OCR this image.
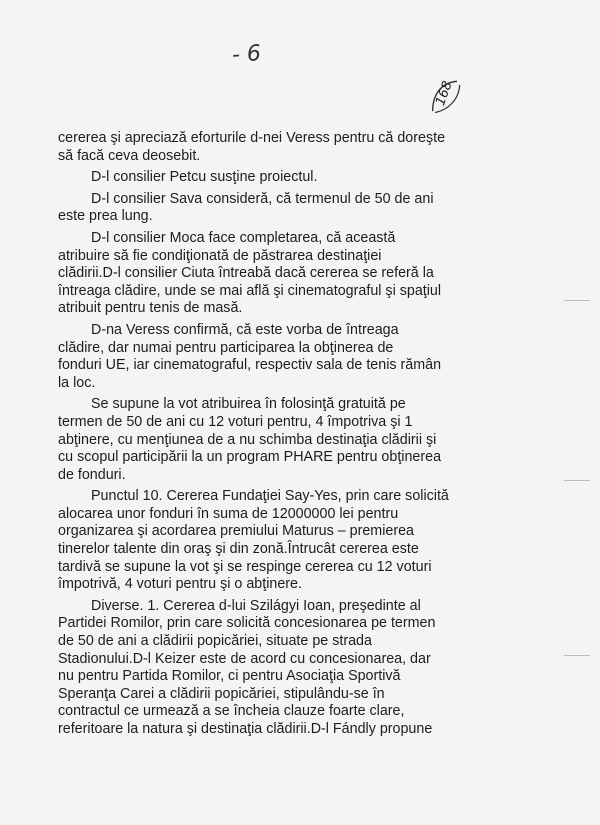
- 6
168

cererea şi apreciază eforturile d-nei Veress pentru că doreşte

să facă ceva deosebit.

D-l consilier Petcu susţine proiectul.

D-l consilier Sava consideră, că termenul de 50 de ani

este prea lung.

D-l consilier Moca face completarea, că această

atribuire să fie condiţionată de păstrarea destinaţiei

clădirii.D-l consilier Ciuta întreabă dacă cererea se referă la

întreaga clădire, unde se mai află şi cinematograful şi spaţiul

atribuit pentru tenis de masă.

D-na Veress confirmă, că este vorba de întreaga

clădire, dar numai pentru participarea la obţinerea de

fonduri UE, iar cinematograful, respectiv sala de tenis rămân

la loc.

Se supune la vot atribuirea în folosinţă gratuită pe

termen de 50 de ani cu 12 voturi pentru, 4 împotriva şi 1

abţinere, cu menţiunea de a nu schimba destinaţia clădirii şi

cu scopul participării la un program PHARE pentru obţinerea

de fonduri.

Punctul 10. Cererea Fundaţiei Say-Yes, prin care solicită

alocarea unor fonduri în suma de 12000000 lei pentru

organizarea şi acordarea premiului Maturus – premierea

tinerelor talente din oraş şi din zonă.Întrucât cererea este

tardivă se supune la vot şi se respinge cererea cu 12 voturi

împotrivă, 4 voturi pentru şi o abţinere.

Diverse. 1. Cererea d-lui Szilágyi Ioan, preşedinte al

Partidei Romilor, prin care solicită concesionarea pe termen

de 50 de ani a clădirii popicăriei, situate pe strada

Stadionului.D-l Keizer este de acord cu concesionarea, dar

nu pentru Partida Romilor, ci pentru Asociaţia Sportivă

Speranţa Carei a clădirii popicăriei, stipulându-se în

contractul ce urmează a se încheia clauze foarte clare,

referitoare la natura şi destinaţia clădirii.D-l Fándly propune
